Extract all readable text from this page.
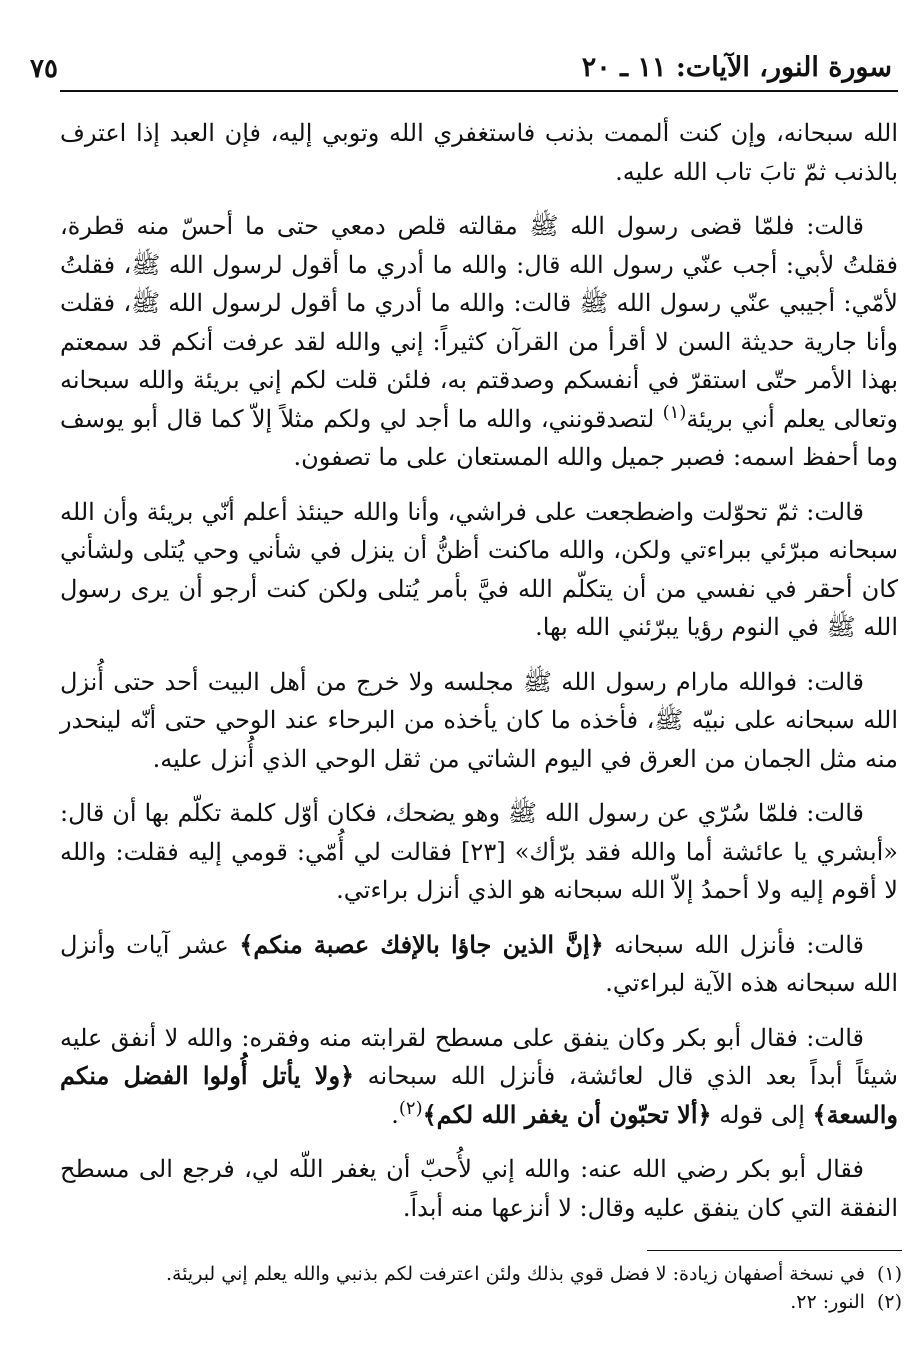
سورة النور، الآيات: ١١ ـ ٢٠
٧٥

الله سبحانه، وإن كنت ألممت بذنب فاستغفري الله وتوبي إليه، فإن العبد إذا اعترف بالذنب ثمّ تابَ تاب الله عليه.

قالت: فلمّا قضى رسول الله ﷺ مقالته قلص دمعي حتى ما أحسّ منه قطرة، فقلتُ لأبي: أجب عنّي رسول الله قال: والله ما أدري ما أقول لرسول الله ﷺ، فقلتُ لأمّي: أجيبي عنّي رسول الله ﷺ قالت: والله ما أدري ما أقول لرسول الله ﷺ، فقلت وأنا جارية حديثة السن لا أقرأ من القرآن كثيراً: إني والله لقد عرفت أنكم قد سمعتم بهذا الأمر حتّى استقرّ في أنفسكم وصدقتم به، فلئن قلت لكم إني بريئة والله سبحانه وتعالى يعلم أني بريئة$^{(١)}$ لتصدقونني، والله ما أجد لي ولكم مثلاً إلاّ كما قال أبو يوسف وما أحفظ اسمه: فصبر جميل والله المستعان على ما تصفون.

قالت: ثمّ تحوّلت واضطجعت على فراشي، وأنا والله حينئذ أعلم أنّي بريئة وأن الله سبحانه مبرّئي ببراءتي ولكن، والله ماكنت أظنُّ أن ينزل في شأني وحي يُتلى ولشأني كان أحقر في نفسي من أن يتكلّم الله فيَّ بأمر يُتلى ولكن كنت أرجو أن يرى رسول الله ﷺ في النوم رؤيا يبرّئني الله بها.

قالت: فوالله مارام رسول الله ﷺ مجلسه ولا خرج من أهل البيت أحد حتى أُنزل الله سبحانه على نبيّه ﷺ، فأخذه ما كان يأخذه من البرحاء عند الوحي حتى أنّه لينحدر منه مثل الجمان من العرق في اليوم الشاتي من ثقل الوحي الذي أُنزل عليه.

قالت: فلمّا سُرّي عن رسول الله ﷺ وهو يضحك، فكان أوّل كلمة تكلّم بها أن قال: «أبشري يا عائشة أما والله فقد برّأك» [٢٣] فقالت لي أُمّي: قومي إليه فقلت: والله لا أقوم إليه ولا أحمدُ إلاّ الله سبحانه هو الذي أنزل براءتي.

قالت: فأنزل الله سبحانه ﴿إنَّ الذين جاؤا بالإفك عصبة منكم﴾ عشر آيات وأنزل الله سبحانه هذه الآية لبراءتي.

قالت: فقال أبو بكر وكان ينفق على مسطح لقرابته منه وفقره: والله لا أنفق عليه شيئاً أبداً بعد الذي قال لعائشة، فأنزل الله سبحانه ﴿ولا يأتل أُولوا الفضل منكم والسعة﴾ إلى قوله ﴿ألا تحبّون أن يغفر الله لكم﴾$^{(٢)}$.

فقال أبو بكر رضي الله عنه: والله إني لأُحبّ أن يغفر اللّه لي، فرجع الى مسطح النفقة التي كان ينفق عليه وقال: لا أنزعها منه أبداً.

(١)
في نسخة أصفهان زيادة: لا فضل قوي بذلك ولئن اعترفت لكم بذنبي والله يعلم إني لبريئة.
(٢)
النور: ٢٢.
